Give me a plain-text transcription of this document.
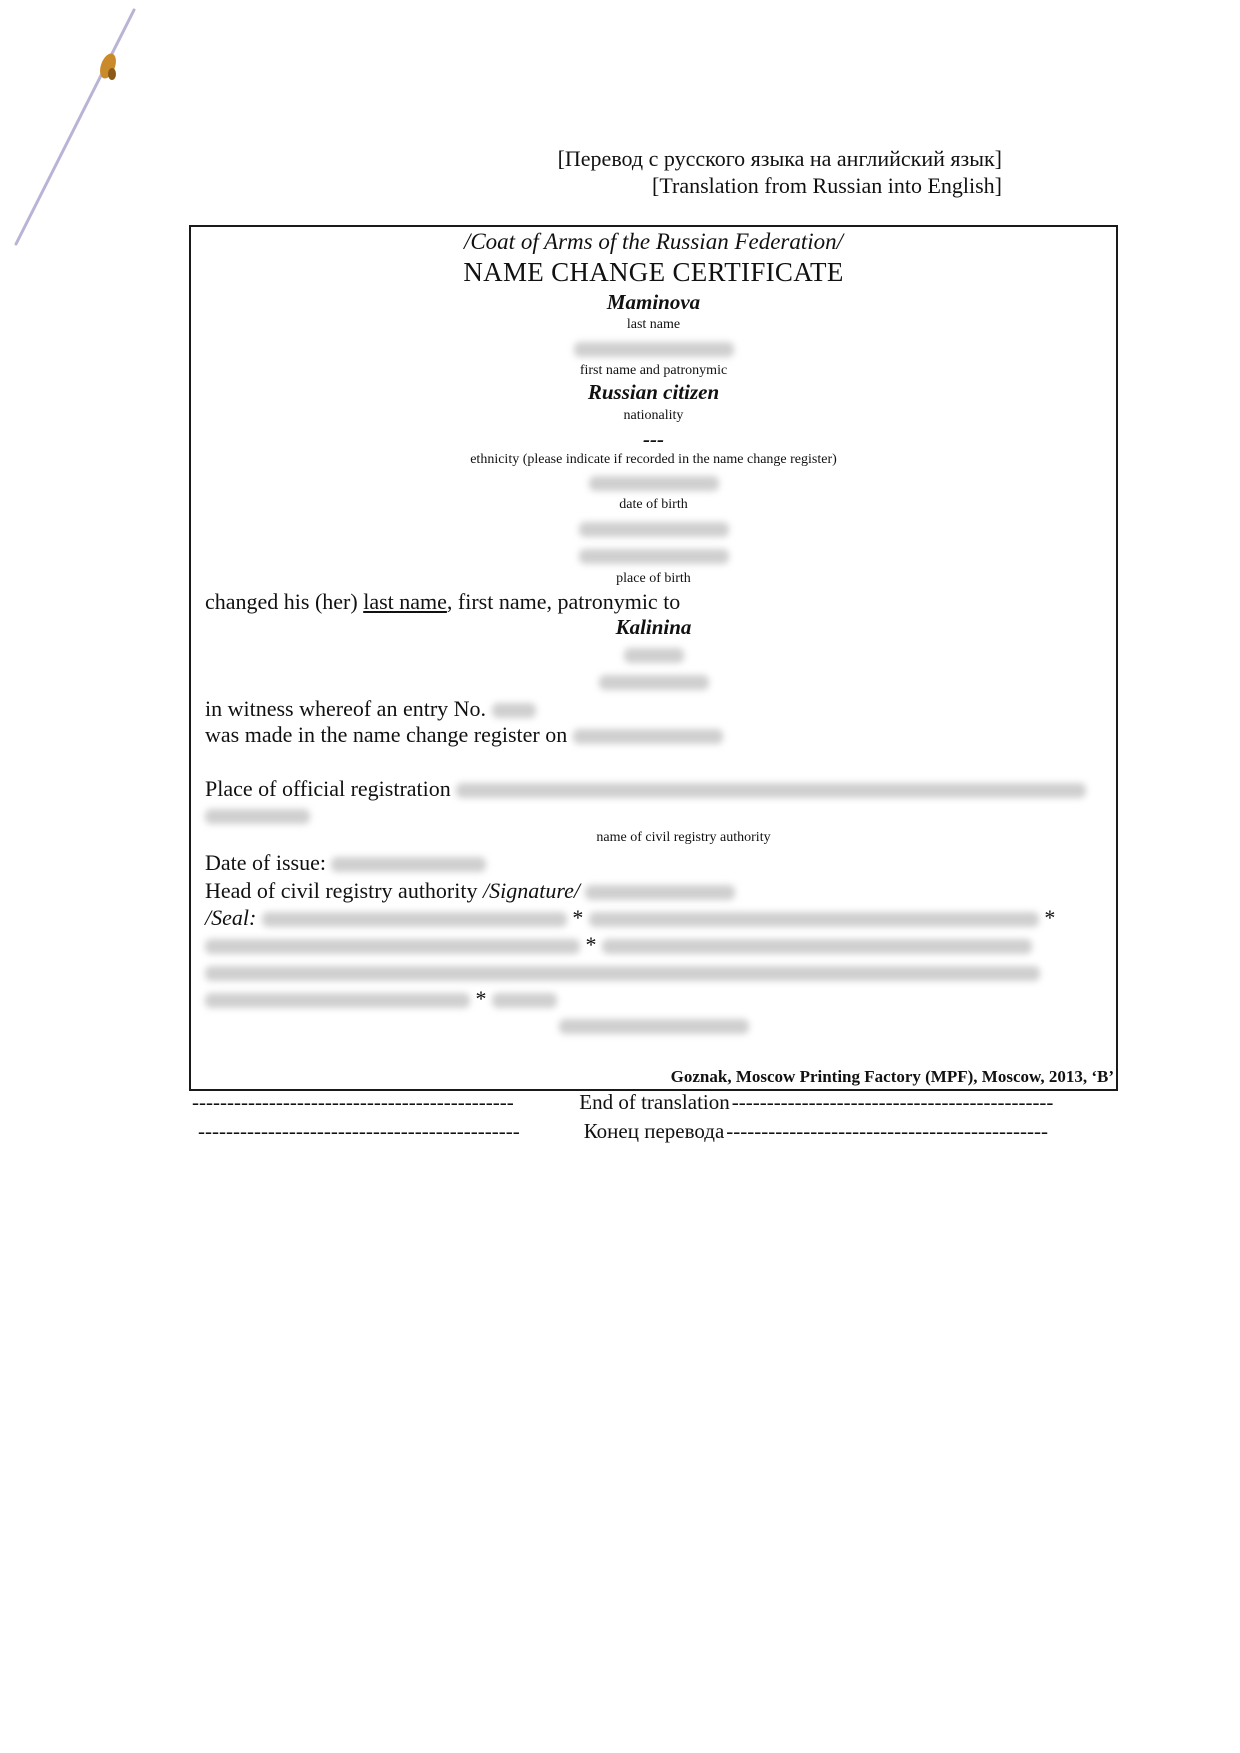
[Перевод с русского языка на английский язык]
[Translation from Russian into English]
/Coat of Arms of the Russian Federation/
NAME CHANGE CERTIFICATE
Maminova
last name
first name and patronymic
Russian citizen
nationality
---
ethnicity (please indicate if recorded in the name change register)
date of birth
place of birth
changed his (her) last name, first name, patronymic to
Kalinina
in witness whereof an entry No.
was made in the name change register on
Place of official registration
name of civil registry authority
Date of issue:
Head of civil registry authority /Signature/
/Seal:	*	*
*
*
Goznak, Moscow Printing Factory (MPF), Moscow, 2013, ‘B’
----------------------------------------------	End of translation ----------------------------------------------
----------------------------------------------	Конец перевода ----------------------------------------------
